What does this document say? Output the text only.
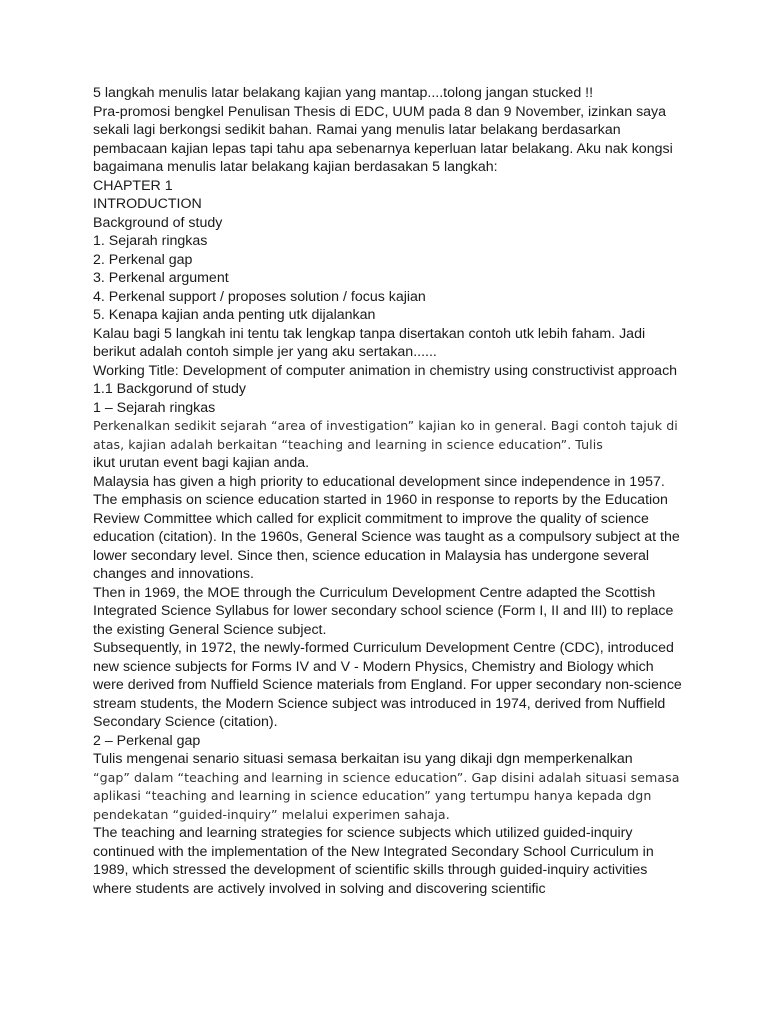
5 langkah menulis latar belakang kajian yang mantap....tolong jangan stucked !!

Pra-promosi bengkel Penulisan Thesis di EDC, UUM pada 8 dan 9 November, izinkan saya sekali lagi berkongsi sedikit bahan. Ramai yang menulis latar belakang berdasarkan pembacaan kajian lepas tapi tahu apa sebenarnya keperluan latar belakang. Aku nak kongsi bagaimana menulis latar belakang kajian berdasakan 5 langkah:

CHAPTER 1

INTRODUCTION

Background of study

1. Sejarah ringkas

2. Perkenal gap

3. Perkenal argument

4. Perkenal support / proposes solution / focus kajian

5. Kenapa kajian anda penting utk dijalankan

Kalau bagi 5 langkah ini tentu tak lengkap tanpa disertakan contoh utk lebih faham. Jadi berikut adalah contoh simple jer yang aku sertakan......

Working Title: Development of computer animation in chemistry using constructivist approach

1.1 Backgorund of study

1 – Sejarah ringkas

Perkenalkan sedikit sejarah “area of investigation” kajian ko in general. Bagi contoh tajuk di atas, kajian adalah berkaitan “teaching and learning in science education”. Tulis

ikut urutan event bagi kajian anda.

Malaysia has given a high priority to educational development since independence in 1957. The emphasis on science education started in 1960 in response to reports by the Education Review Committee which called for explicit commitment to improve the quality of science education (citation). In the 1960s, General Science was taught as a compulsory subject at the lower secondary level. Since then, science education in Malaysia has undergone several changes and innovations.

Then in 1969, the MOE through the Curriculum Development Centre adapted the Scottish Integrated Science Syllabus for lower secondary school science (Form I, II and III) to replace the existing General Science subject.

Subsequently, in 1972, the newly-formed Curriculum Development Centre (CDC), introduced new science subjects for Forms IV and V - Modern Physics, Chemistry and Biology which were derived from Nuffield Science materials from England. For upper secondary non-science stream students, the Modern Science subject was introduced in 1974, derived from Nuffield Secondary Science (citation).

2 – Perkenal gap

Tulis mengenai senario situasi semasa berkaitan isu yang dikaji dgn memperkenalkan

“gap” dalam “teaching and learning in science education”. Gap disini adalah situasi semasa aplikasi “teaching and learning in science education” yang tertumpu hanya kepada dgn pendekatan “guided-inquiry” melalui experimen sahaja.

The teaching and learning strategies for science subjects which utilized guided-inquiry continued with the implementation of the New Integrated Secondary School Curriculum in 1989, which stressed the development of scientific skills through guided-inquiry activities where students are actively involved in solving and discovering scientific
